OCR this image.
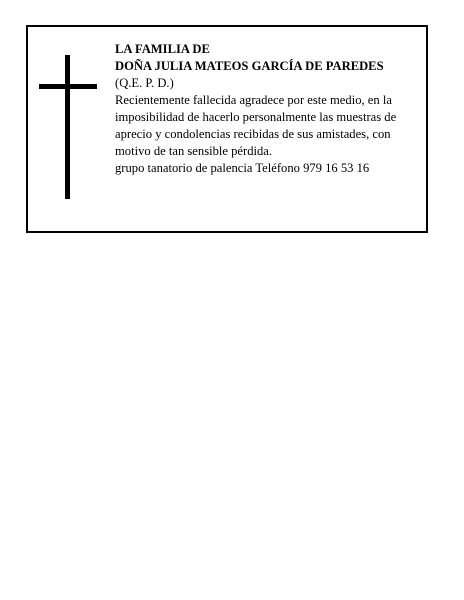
LA FAMILIA DE
DOÑA JULIA MATEOS GARCÍA DE PAREDES
(Q.E. P. D.)
Recientemente fallecida agradece por este medio, en la
imposibilidad de hacerlo personalmente las muestras de
aprecio y condolencias recibidas de sus amistades, con
motivo de tan sensible pérdida.
grupo tanatorio de palencia Teléfono 979 16 53 16
